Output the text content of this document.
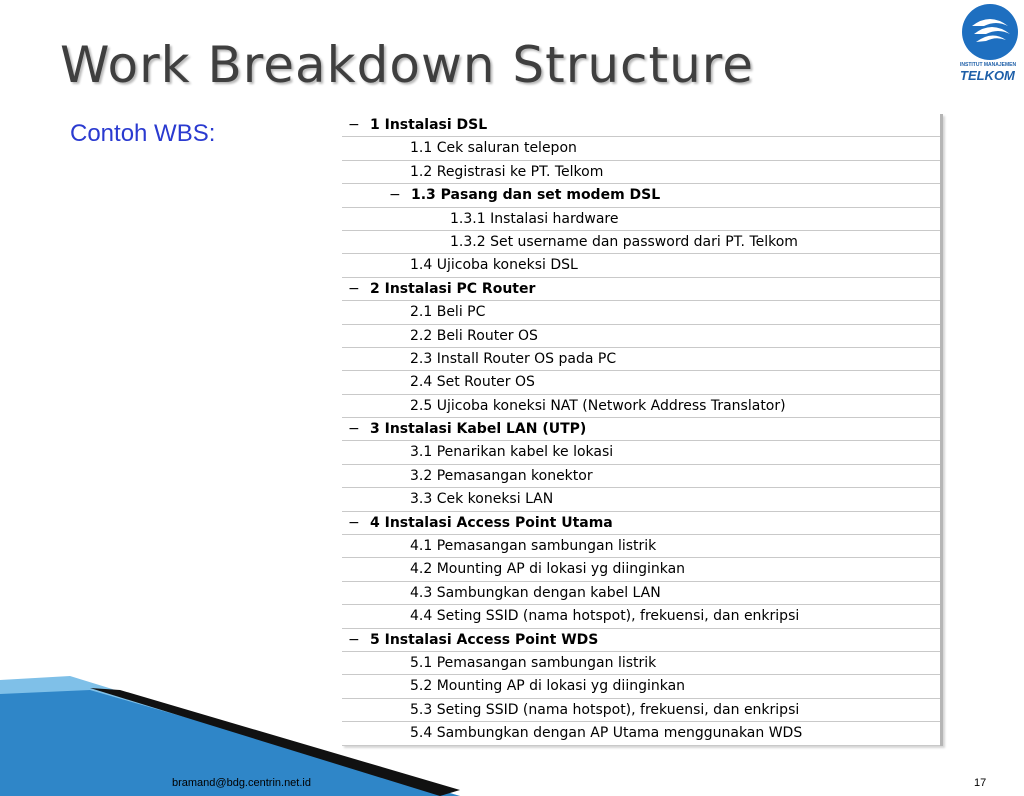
Work Breakdown Structure
Contoh WBS:
INSTITUT MANAJEMEN
TELKOM
− 1 Instalasi DSL
1.1 Cek saluran telepon
1.2 Registrasi ke PT. Telkom
− 1.3 Pasang dan set modem DSL
1.3.1 Instalasi hardware
1.3.2 Set username dan password dari PT. Telkom
1.4 Ujicoba koneksi DSL
− 2 Instalasi PC Router
2.1 Beli PC
2.2 Beli Router OS
2.3 Install Router OS pada PC
2.4 Set Router OS
2.5 Ujicoba koneksi NAT (Network Address Translator)
− 3 Instalasi Kabel LAN (UTP)
3.1 Penarikan kabel ke lokasi
3.2 Pemasangan konektor
3.3 Cek koneksi LAN
− 4 Instalasi Access Point Utama
4.1 Pemasangan sambungan listrik
4.2 Mounting AP di lokasi yg diinginkan
4.3 Sambungkan dengan kabel LAN
4.4 Seting SSID (nama hotspot), frekuensi, dan enkripsi
− 5 Instalasi Access Point WDS
5.1 Pemasangan sambungan listrik
5.2 Mounting AP di lokasi yg diinginkan
5.3 Seting SSID (nama hotspot), frekuensi, dan enkripsi
5.4 Sambungkan dengan AP Utama menggunakan WDS
bramand@bdg.centrin.net.id	17
